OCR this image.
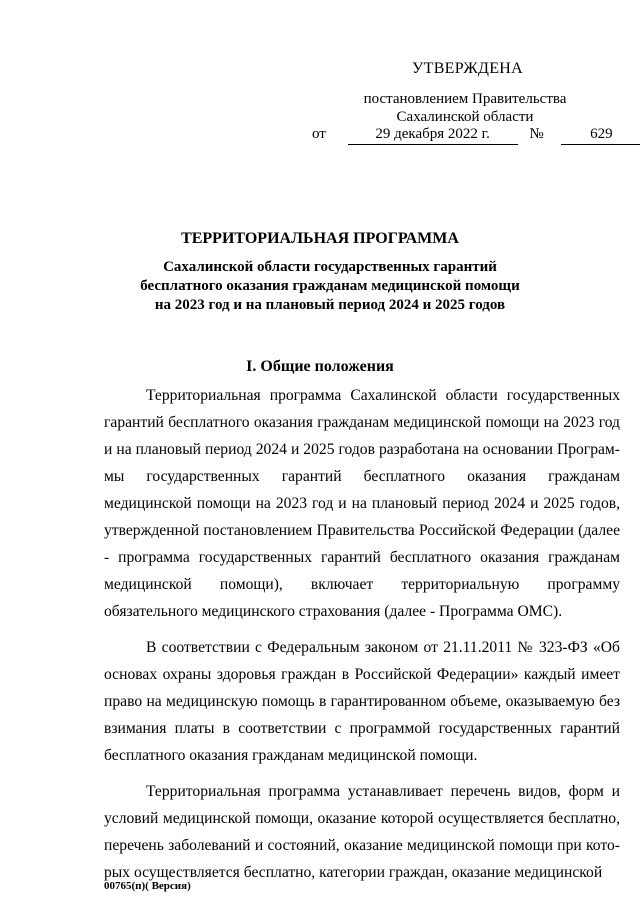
УТВЕРЖДЕНА
постановлением Правительства
Сахалинской области
от	29 декабря 2022 г.	№	629
ТЕРРИТОРИАЛЬНАЯ ПРОГРАММА
Сахалинской области государственных гарантий
бесплатного оказания гражданам медицинской помощи
на 2023 год и на плановый период 2024 и 2025 годов
I. Общие положения

Территориальная программа Сахалинской области государственных гарантий бесплатного оказания гражданам медицинской помощи на 2023 год и на плановый период 2024 и 2025 годов разработана на основании Программы государственных гарантий бесплатного оказания гражданам медицинской помощи на 2023 год и на плановый период 2024 и 2025 годов, утвержденной постановлением Правительства Российской Федерации (далее - программа государственных гарантий бесплатного оказания гражданам медицинской помощи), включает территориальную программу обязательного медицинского страхования (далее - Программа ОМС).

В соответствии с Федеральным законом от 21.11.2011 № 323-ФЗ «Об основах охраны здоровья граждан в Российской Федерации» каждый имеет право на медицинскую помощь в гарантированном объеме, оказываемую без взимания платы в соответствии с программой государственных гарантий бесплатного оказания гражданам медицинской помощи.

Территориальная программа устанавливает перечень видов, форм и условий медицинской помощи, оказание которой осуществляется бесплатно, перечень заболеваний и состояний, оказание медицинской помощи при которых осуществляется бесплатно, категории граждан, оказание медицинской

00765(п)( Версия)
